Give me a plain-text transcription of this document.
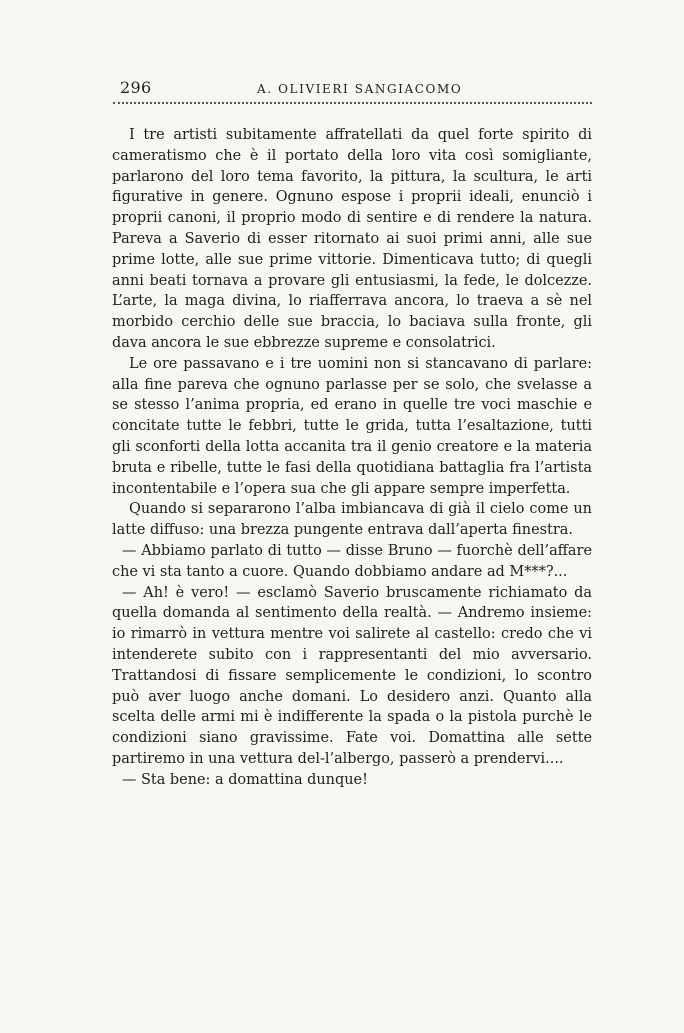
296	A. OLIVIERI SANGIACOMO

I tre artisti subitamente affratellati da quel forte spirito di cameratismo che è il portato della loro vita così somigliante, parlarono del loro tema favorito, la pittura, la scultura, le arti figurative in genere. Ognuno espose i proprii ideali, enunciò i proprii canoni, il proprio modo di sentire e di rendere la natura. Pareva a Saverio di esser ritornato ai suoi primi anni, alle sue prime lotte, alle sue prime vittorie. Dimenticava tutto; di quegli anni beati tornava a provare gli entusiasmi, la fede, le dolcezze. L’arte, la maga divina, lo riafferrava ancora, lo traeva a sè nel morbido cerchio delle sue braccia, lo baciava sulla fronte, gli dava ancora le sue ebbrezze supreme e consolatrici.

Le ore passavano e i tre uomini non si stancavano di parlare: alla fine pareva che ognuno parlasse per se solo, che svelasse a se stesso l’anima propria, ed erano in quelle tre voci maschie e concitate tutte le febbri, tutte le grida, tutta l’esaltazione, tutti gli sconforti della lotta accanita tra il genio creatore e la materia bruta e ribelle, tutte le fasi della quotidiana battaglia fra l’artista incontentabile e l’opera sua che gli appare sempre imperfetta.

Quando si separarono l’alba imbiancava di già il cielo come un latte diffuso: una brezza pungente entrava dall’aperta finestra.

— Abbiamo parlato di tutto — disse Bruno — fuorchè dell’affare che vi sta tanto a cuore. Quando dobbiamo andare ad M***?...

— Ah! è vero! — esclamò Saverio bruscamente richiamato da quella domanda al sentimento della realtà. — Andremo insieme: io rimarrò in vettura mentre voi salirete al castello: credo che vi intenderete subito con i rappresentanti del mio avversario. Trattandosi di fissare semplicemente le condizioni, lo scontro può aver luogo anche domani. Lo desidero anzi. Quanto alla scelta delle armi mi è indifferente la spada o la pistola purchè le condizioni siano gravissime. Fate voi. Domattina alle sette partiremo in una vettura del-l’albergo, passerò a prendervi....

— Sta bene: a domattina dunque!
